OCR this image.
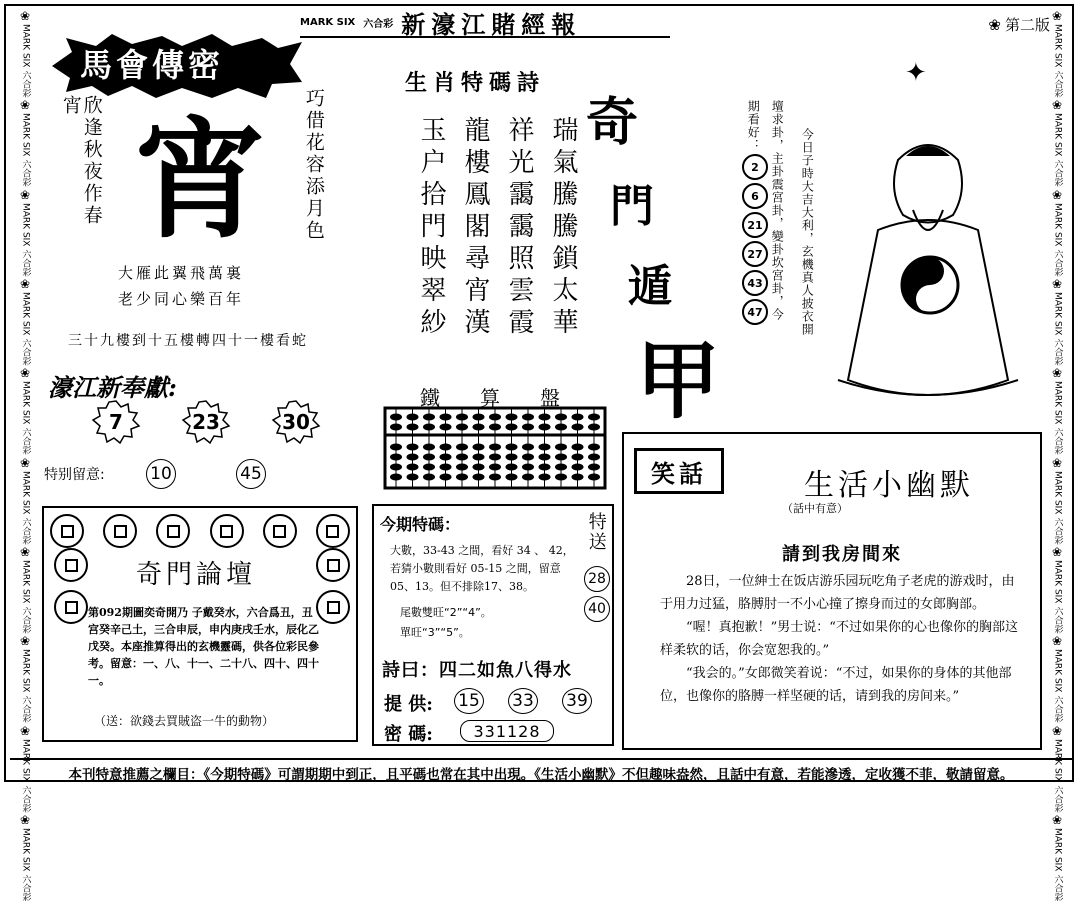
❀
MARK SIX 六合彩
❀
MARK SIX 六合彩
❀
MARK SIX 六合彩
❀
MARK SIX 六合彩
❀
MARK SIX 六合彩
❀
MARK SIX 六合彩
❀
MARK SIX 六合彩
❀
MARK SIX 六合彩
❀
MARK SIX 六合彩
❀
MARK SIX 六合彩
❀
MARK SIX 六合彩
❀
MARK SIX 六合彩
❀
MARK SIX 六合彩
❀
MARK SIX 六合彩
❀
MARK SIX 六合彩
❀
MARK SIX 六合彩
❀
MARK SIX 六合彩
❀
MARK SIX 六合彩
❀
MARK SIX 六合彩
❀
MARK SIX 六合彩
MARK SIX 六合彩 新濠江賭經報	❀ 第二版
馬會傳密
欣逢秋夜作春宵 宵
巧借花容添月色
大雁此翼飛萬裏
老少同心樂百年
三十九樓到十五樓轉四十一樓看蛇
濠江新奉獻:
7	23	30
特别留意:	10	45
生肖特碼詩
瑞氣騰騰鎖太華
祥光靄靄照雲霞
龍樓鳳閣尋宵漢
玉户拾門映翠紗	奇
門
遁
甲
今日子時大吉大利，玄機真人披衣開
壇求卦，主卦震宮卦，變卦坎宮卦，今
期看好：
2
6
21
27
43
47
✦
鐵算盤
奇門論壇
第092期圖奕奇開乃 子戴癸水，六合爲丑，丑宫癸辛己土，三合申辰，申内庚戌壬水，辰化乙戊癸。本座推算得出的玄機靈碼，供各位彩民參考。留意：一、八、十一、二十八、四十、四十一。
（送：欲錢去買賊盗一牛的動物）
今期特碼：	特送
28
40
大數，33-43 之間，看好 34 、 42，若猜小數則看好 05-15 之間，留意05、13。但不排除17、38。
尾數雙旺“2”“4”。
單旺“3”“5”。
詩曰：四二如魚八得水
提 供: 15 33 39
密 碼:	331128
笑話	生活小幽默
（話中有意）
請到我房間來
28日，一位紳士在饭店游乐园玩吃角子老虎的游戏时，由于用力过猛，胳膊肘一不小心撞了擦身而过的女郎胸部。
“喔！真抱歉！”男士说：“不过如果你的心也像你的胸部这样柔软的话，你会宽恕我的。”
“我会的。”女郎微笑着说：“不过，如果你的身体的其他部位，也像你的胳膊一样坚硬的话，请到我的房间来。”
本刊特意推薦之欄目：《今期特碼》可謂期期中到正，且平碼也常在其中出現。《生活小幽默》不但趣味盎然，且話中有意，若能滲透，定收獲不菲，敬請留意。
